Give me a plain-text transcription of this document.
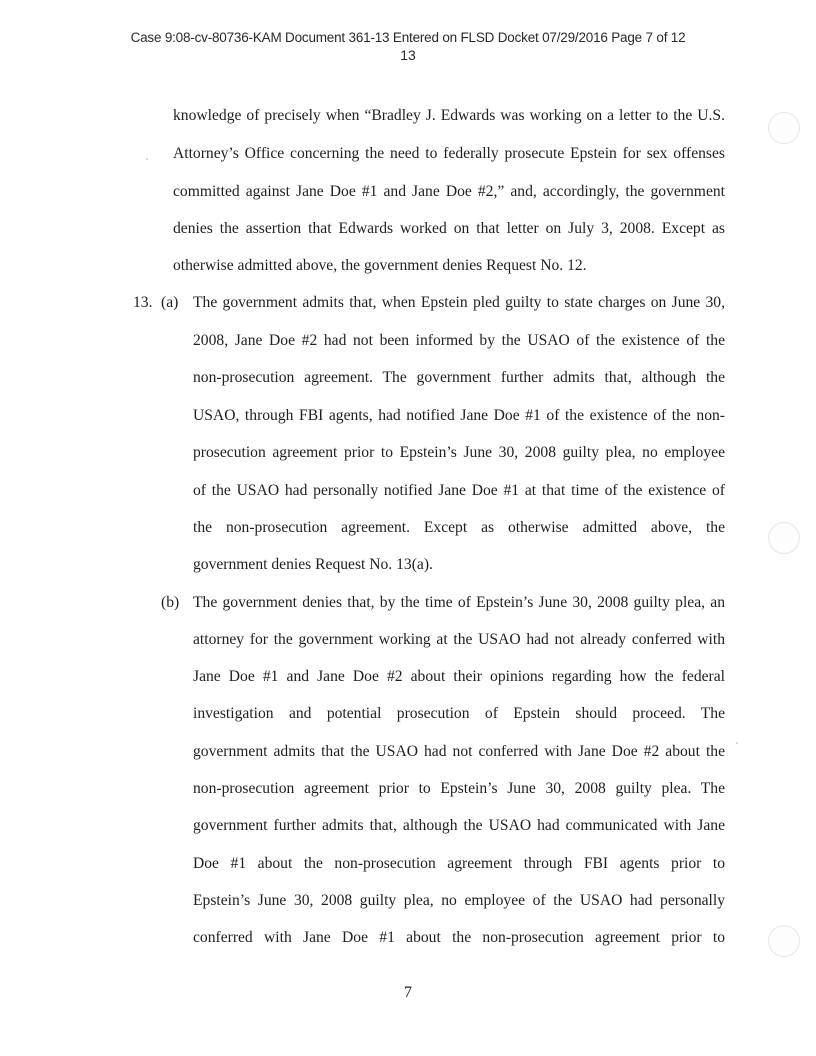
Case 9:08-cv-80736-KAM Document 361-13 Entered on FLSD Docket 07/29/2016 Page 7 of 12
13
knowledge of precisely when “Bradley J. Edwards was working on a letter to the U.S.
Attorney’s Office concerning the need to federally prosecute Epstein for sex offenses
committed against Jane Doe #1 and Jane Doe #2,” and, accordingly, the government
denies the assertion that Edwards worked on that letter on July 3, 2008. Except as
otherwise admitted above, the government denies Request No. 12.
13. (a) The government admits that, when Epstein pled guilty to state charges on June 30,
2008, Jane Doe #2 had not been informed by the USAO of the existence of the
non-prosecution agreement. The government further admits that, although the
USAO, through FBI agents, had notified Jane Doe #1 of the existence of the non-
prosecution agreement prior to Epstein’s June 30, 2008 guilty plea, no employee
of the USAO had personally notified Jane Doe #1 at that time of the existence of
the non-prosecution agreement. Except as otherwise admitted above, the
government denies Request No. 13(a).
(b) The government denies that, by the time of Epstein’s June 30, 2008 guilty plea, an
attorney for the government working at the USAO had not already conferred with
Jane Doe #1 and Jane Doe #2 about their opinions regarding how the federal
investigation and potential prosecution of Epstein should proceed. The
government admits that the USAO had not conferred with Jane Doe #2 about the
non-prosecution agreement prior to Epstein’s June 30, 2008 guilty plea. The
government further admits that, although the USAO had communicated with Jane
Doe #1 about the non-prosecution agreement through FBI agents prior to
Epstein’s June 30, 2008 guilty plea, no employee of the USAO had personally
conferred with Jane Doe #1 about the non-prosecution agreement prior to
7
